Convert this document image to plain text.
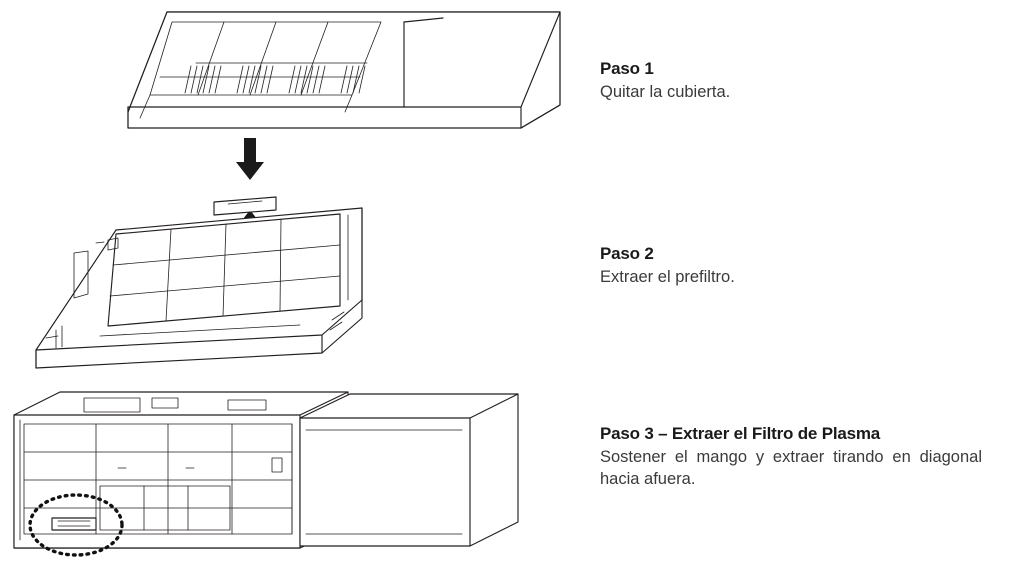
Paso 1

Quitar la cubierta.

Paso 2

Extraer el prefiltro.

Paso 3 – Extraer el Filtro de Plasma

Sostener el mango y extraer tirando en diagonal hacia afuera.
